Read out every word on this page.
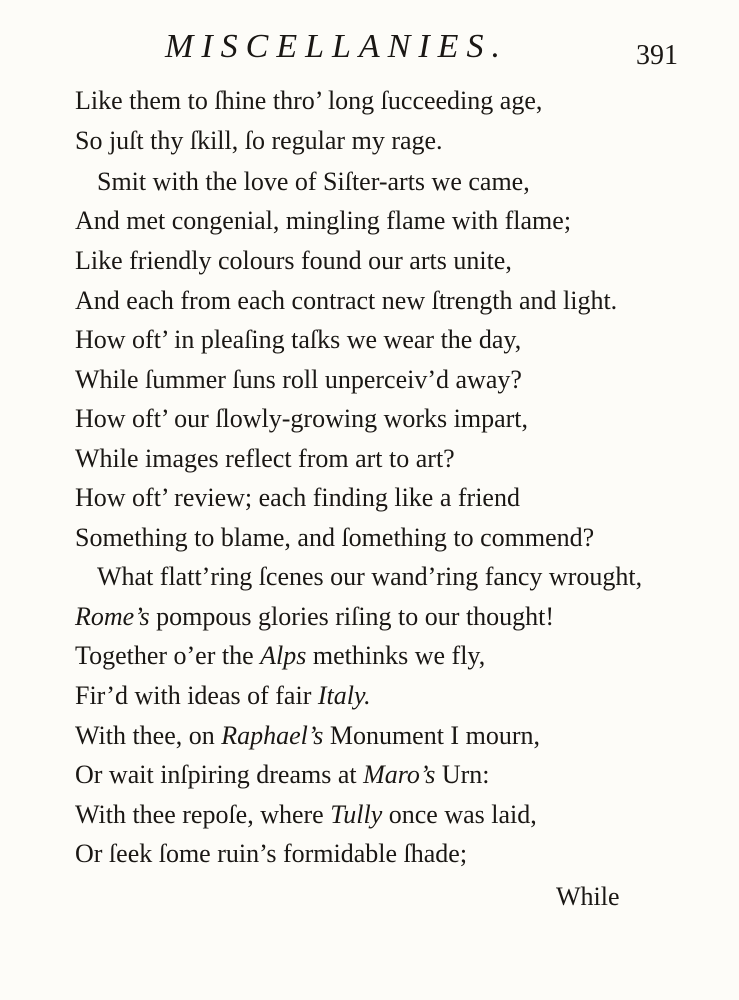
MISCELLANIES.	391
Like them to ſhine thro’ long ſucceeding age,
So juſt thy ſkill, ſo regular my rage.
Smit with the love of Siſter-arts we came,
And met congenial, mingling flame with flame;
Like friendly colours found our arts unite,
And each from each contract new ſtrength and light.
How oft’ in pleaſing taſks we wear the day,
While ſummer ſuns roll unperceiv’d away?
How oft’ our ſlowly-growing works impart,
While images reflect from art to art?
How oft’ review; each finding like a friend
Something to blame, and ſomething to commend?
What flatt’ring ſcenes our wand’ring fancy wrought,
Rome’s pompous glories riſing to our thought!
Together o’er the Alps methinks we fly,
Fir’d with ideas of fair Italy.
With thee, on Raphael’s Monument I mourn,
Or wait inſpiring dreams at Maro’s Urn:
With thee repoſe, where Tully once was laid,
Or ſeek ſome ruin’s formidable ſhade;
While
